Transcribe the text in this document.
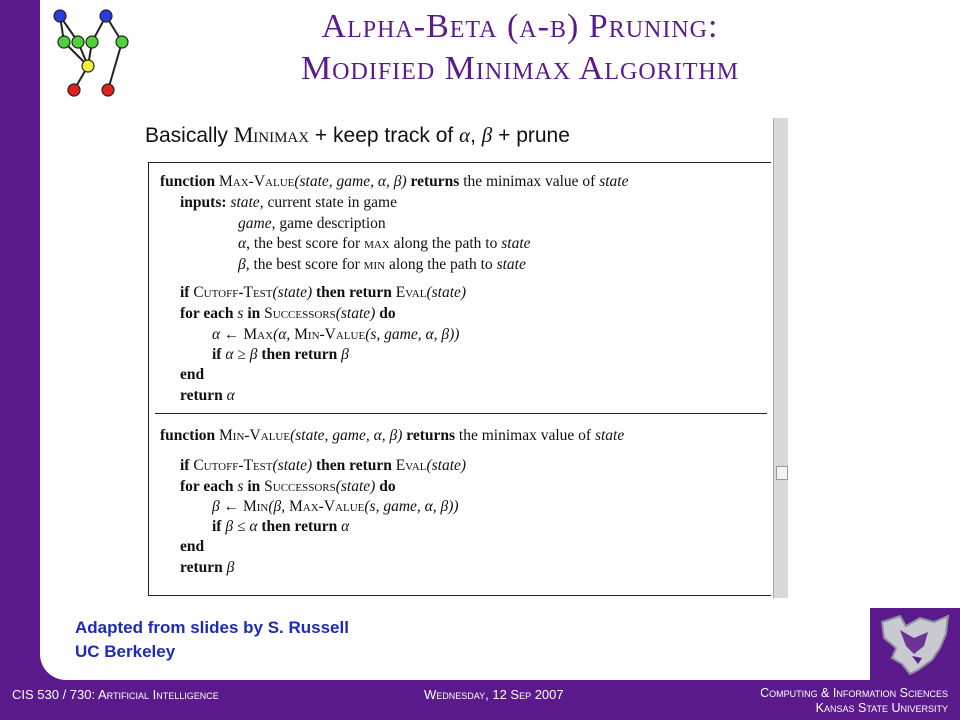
Alpha-Beta (α-β) Pruning:
Modified Minimax Algorithm
Basically Minimax + keep track of α, β + prune
function Max-Value(state, game, α, β) returns the minimax value of state
inputs: state, current state in game
game, game description
α, the best score for max along the path to state
β, the best score for min along the path to state
if Cutoff-Test(state) then return Eval(state)
for each s in Successors(state) do
α ← Max(α, Min-Value(s, game, α, β))
if α ≥ β then return β
end
return α
function Min-Value(state, game, α, β) returns the minimax value of state
if Cutoff-Test(state) then return Eval(state)
for each s in Successors(state) do
β ← Min(β, Max-Value(s, game, α, β))
if β ≤ α then return α
end
return β
Adapted from slides by S. Russell
UC Berkeley
CIS 530 / 730: Artificial Intelligence	Wednesday, 12 Sep 2007	Computing & Information Sciences
Kansas State University
